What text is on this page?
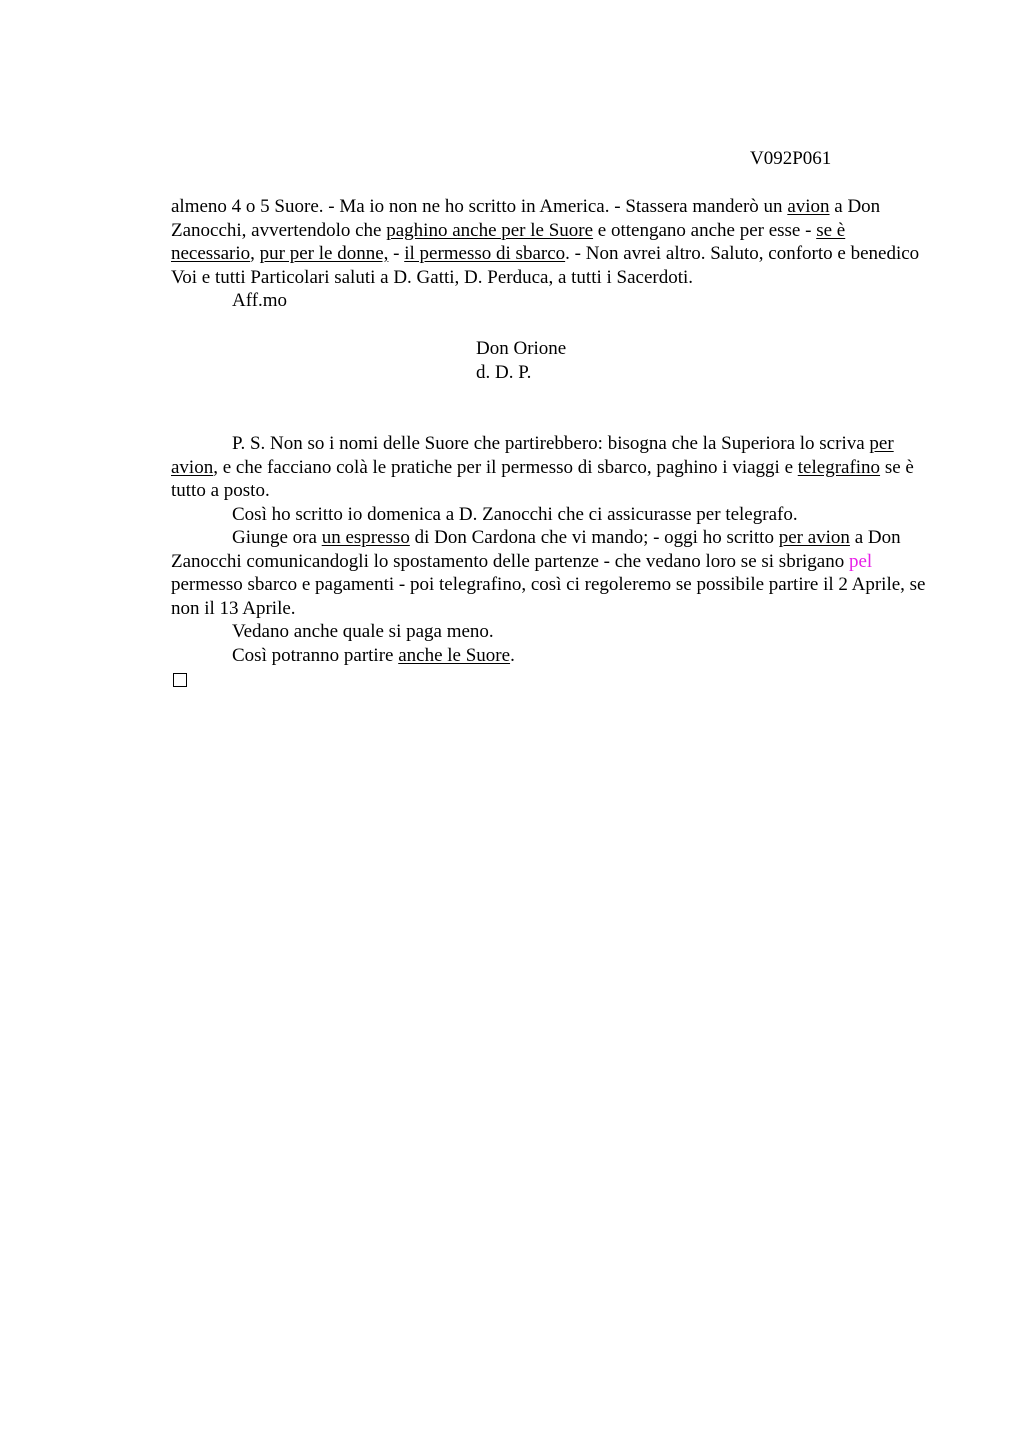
V092P061

almeno 4 o 5 Suore. - Ma io non ne ho scritto in America. - Stassera manderò un avion a Don Zanocchi, avvertendolo che paghino anche per le Suore e ottengano anche per esse - se è necessario, pur per le donne, - il permesso di sbarco. - Non avrei altro. Saluto, conforto e benedico Voi e tutti Particolari saluti a D. Gatti, D. Perduca, a tutti i Sacerdoti.

Aff.mo

Don Orione
d. D. P.

P. S. Non so i nomi delle Suore che partirebbero: bisogna che la Superiora lo scriva per avion, e che facciano colà le pratiche per il permesso di sbarco, paghino i viaggi e telegrafino se è tutto a posto.

Così ho scritto io domenica a D. Zanocchi che ci assicurasse per telegrafo.

Giunge ora un espresso di Don Cardona che vi mando; - oggi ho scritto per avion a Don Zanocchi comunicandogli lo spostamento delle partenze - che vedano loro se si sbrigano pel permesso sbarco e pagamenti - poi telegrafino, così ci regoleremo se possibile partire il 2 Aprile, se non il 13 Aprile.

Vedano anche quale si paga meno.

Così potranno partire anche le Suore.
